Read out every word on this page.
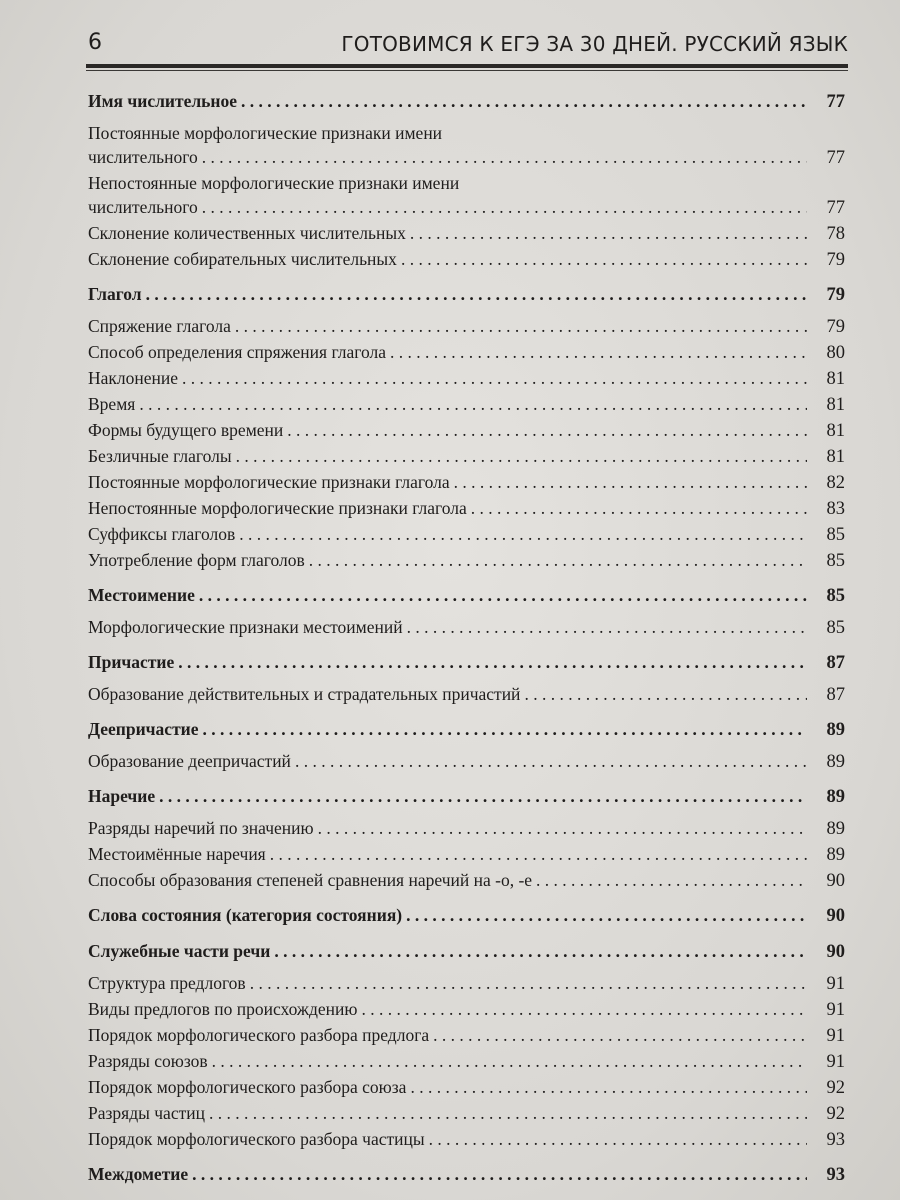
6	ГОТОВИМСЯ К ЕГЭ ЗА 30 ДНЕЙ. РУССКИЙ ЯЗЫК
Имя числительное . . .	77
Постоянные морфологические признаки имени
числительного . . .	77
Непостоянные морфологические признаки имени
числительного . . .	77
Склонение количественных числительных . . .	78
Склонение собирательных числительных . . .	79
Глагол . . .	79
Спряжение глагола . . .	79
Способ определения спряжения глагола . . .	80
Наклонение . . .	81
Время . . .	81
Формы будущего времени . . .	81
Безличные глаголы . . .	81
Постоянные морфологические признаки глагола . . .	82
Непостоянные морфологические признаки глагола . . .	83
Суффиксы глаголов . . .	85
Употребление форм глаголов . . .	85
Местоимение . . .	85
Морфологические признаки местоимений . . .	85
Причастие . . .	87
Образование действительных и страдательных причастий . . .	87
Деепричастие . . .	89
Образование деепричастий . . .	89
Наречие . . .	89
Разряды наречий по значению . . .	89
Местоимённые наречия . . .	89
Способы образования степеней сравнения наречий на -о, -е . . .	90
Слова состояния (категория состояния) . . .	90
Служебные части речи . . .	90
Структура предлогов . . .	91
Виды предлогов по происхождению . . .	91
Порядок морфологического разбора предлога . . .	91
Разряды союзов . . .	91
Порядок морфологического разбора союза . . .	92
Разряды частиц . . .	92
Порядок морфологического разбора частицы . . .	93
Междометие . . .	93
